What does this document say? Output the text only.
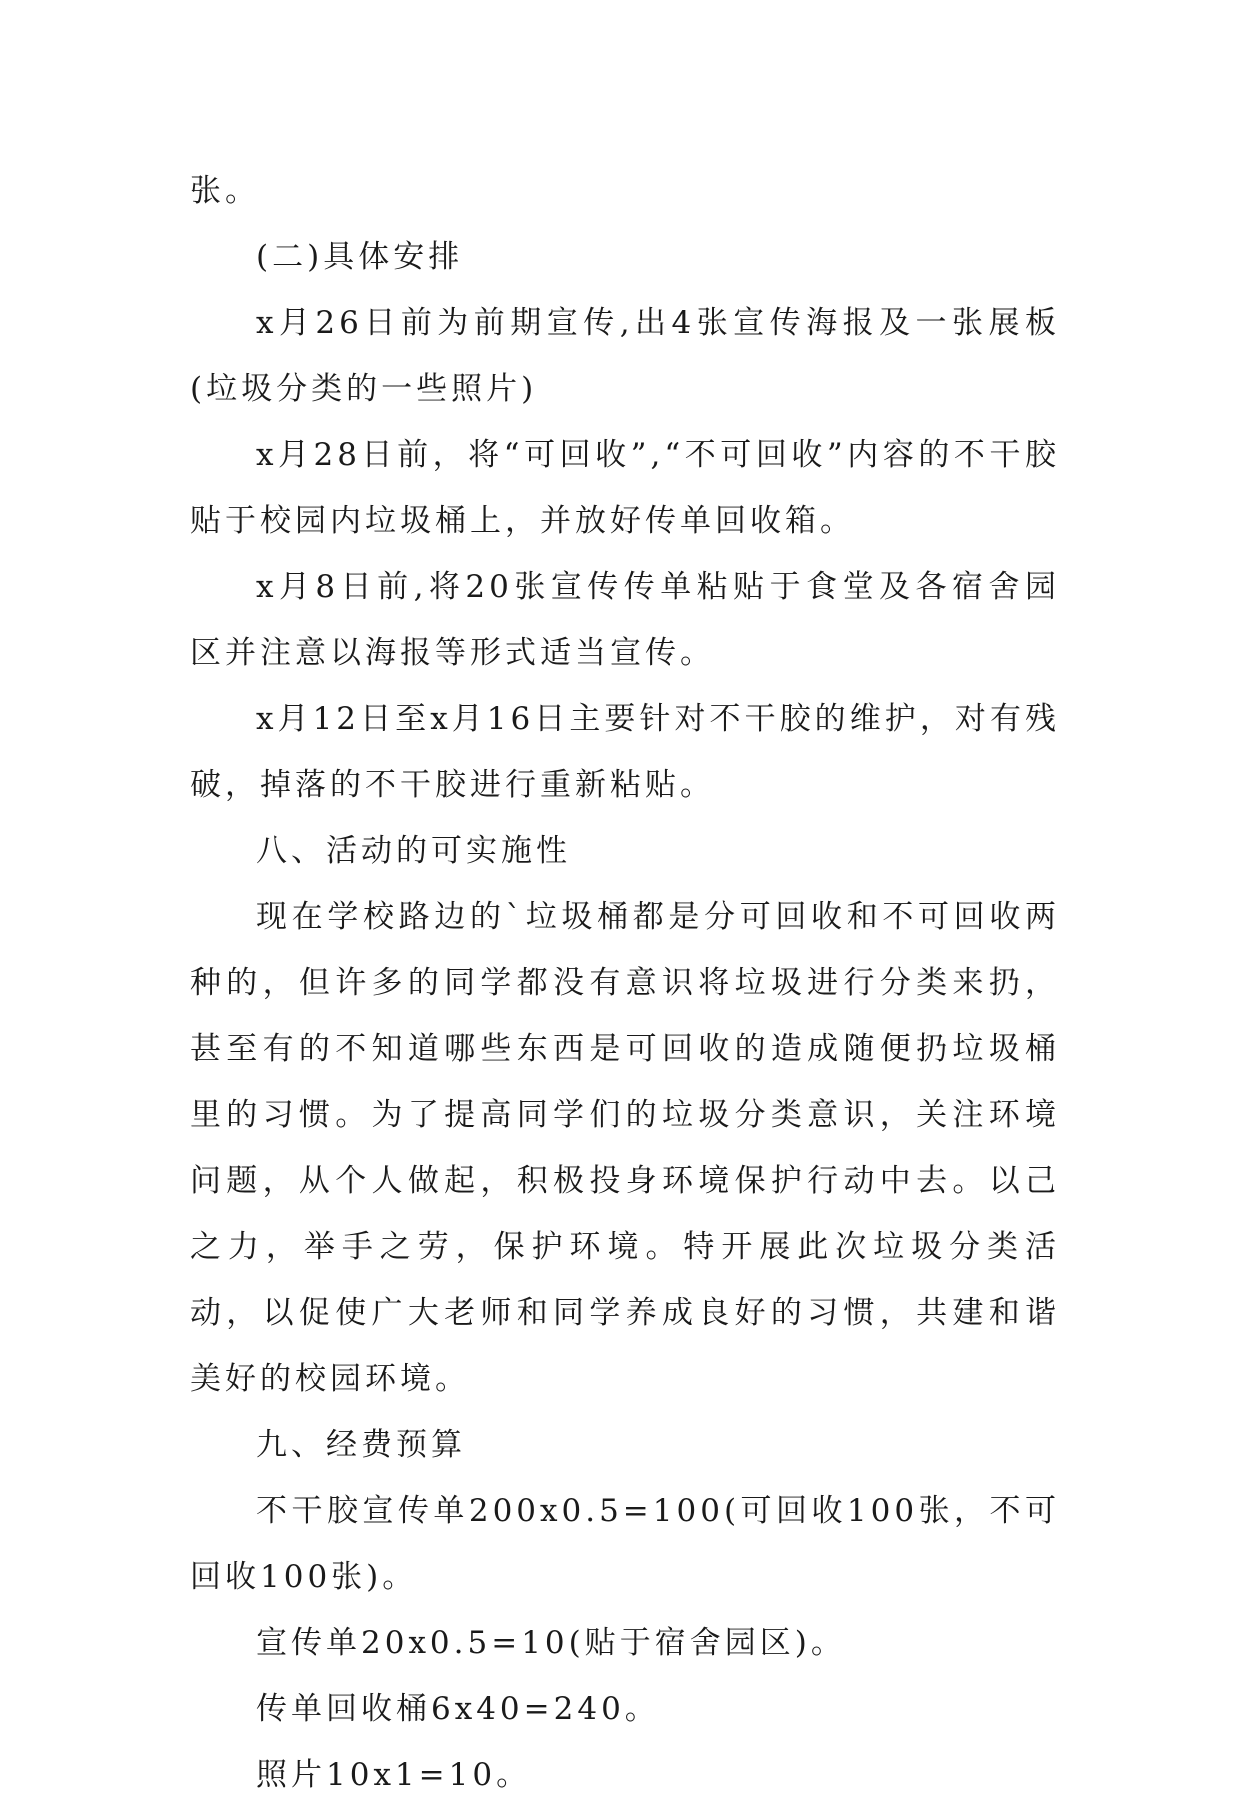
张。

(二)具体安排

x月26日前为前期宣传,出4张宣传海报及一张展板(垃圾分类的一些照片)

x月28日前，将“可回收”,“不可回收”内容的不干胶贴于校园内垃圾桶上，并放好传单回收箱。

x月8日前,将20张宣传传单粘贴于食堂及各宿舍园区并注意以海报等形式适当宣传。

x月12日至x月16日主要针对不干胶的维护，对有残破，掉落的不干胶进行重新粘贴。

八、活动的可实施性

现在学校路边的`垃圾桶都是分可回收和不可回收两种的，但许多的同学都没有意识将垃圾进行分类来扔，甚至有的不知道哪些东西是可回收的造成随便扔垃圾桶里的习惯。为了提高同学们的垃圾分类意识，关注环境问题，从个人做起，积极投身环境保护行动中去。以己之力，举手之劳，保护环境。特开展此次垃圾分类活动，以促使广大老师和同学养成良好的习惯，共建和谐美好的校园环境。

九、经费预算

不干胶宣传单200x0.5=100(可回收100张，不可回收100张)。

宣传单20x0.5=10(贴于宿舍园区)。

传单回收桶6x40=240。

照片10x1=10。
